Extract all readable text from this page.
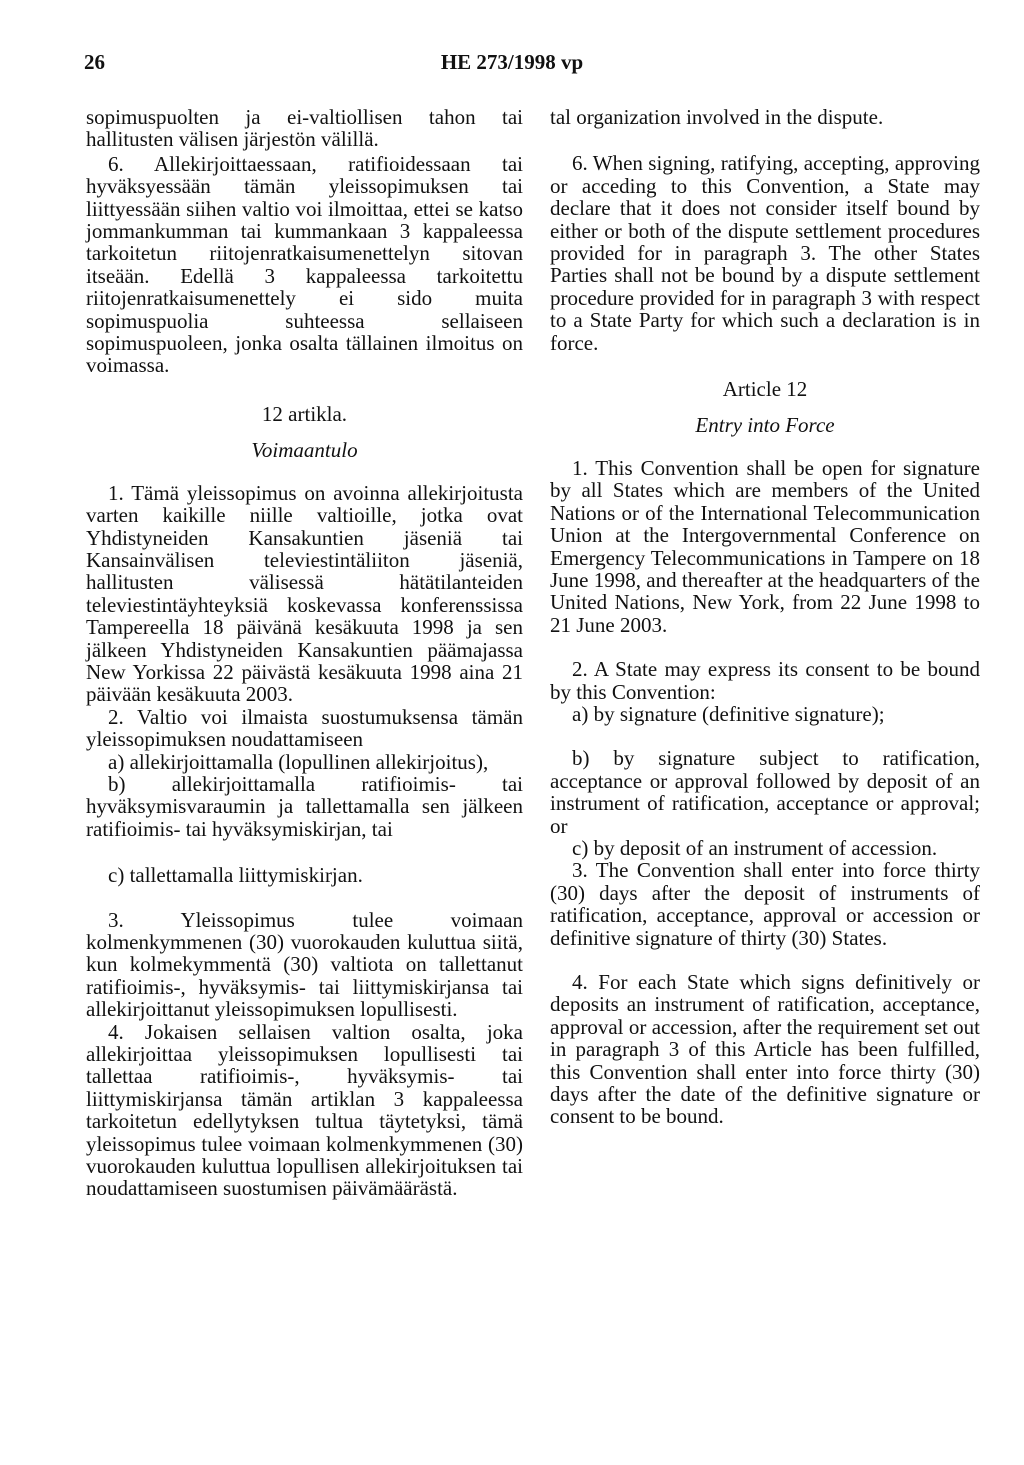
26	HE 273/1998 vp

sopimuspuolten ja ei-valtiollisen tahon tai hallitusten välisen järjestön välillä.

6. Allekirjoittaessaan, ratifioidessaan tai hyväksyessään tämän yleissopimuksen tai liittyessään siihen valtio voi ilmoittaa, ettei se katso jommankumman tai kummankaan 3 kappaleessa tarkoitetun riitojenratkaisumenettelyn sitovan itseään. Edellä 3 kappaleessa tarkoitettu riitojenratkaisumenettely ei sido muita sopimuspuolia suhteessa sellaiseen sopimuspuoleen, jonka osalta tällainen ilmoitus on voimassa.

12 artikla.

Voimaantulo

1. Tämä yleissopimus on avoinna allekirjoitusta varten kaikille niille valtioille, jotka ovat Yhdistyneiden Kansakuntien jäseniä tai Kansainvälisen televiestintäliiton jäseniä, hallitusten välisessä hätätilanteiden televiestintäyhteyksiä koskevassa konferenssissa Tampereella 18 päivänä kesäkuuta 1998 ja sen jälkeen Yhdistyneiden Kansakuntien päämajassa New Yorkissa 22 päivästä kesäkuuta 1998 aina 21 päivään kesäkuuta 2003.

2. Valtio voi ilmaista suostumuksensa tämän yleissopimuksen noudattamiseen

a) allekirjoittamalla (lopullinen allekirjoitus),

b) allekirjoittamalla ratifioimis- tai hyväksymisvaraumin ja tallettamalla sen jälkeen ratifioimis- tai hyväksymiskirjan, tai

c) tallettamalla liittymiskirjan.

3. Yleissopimus tulee voimaan kolmenkymmenen (30) vuorokauden kuluttua siitä, kun kolmekymmentä (30) valtiota on tallettanut ratifioimis-, hyväksymis- tai liittymiskirjansa tai allekirjoittanut yleissopimuksen lopullisesti.

4. Jokaisen sellaisen valtion osalta, joka allekirjoittaa yleissopimuksen lopullisesti tai tallettaa ratifioimis-, hyväksymis- tai liittymiskirjansa tämän artiklan 3 kappaleessa tarkoitetun edellytyksen tultua täytetyksi, tämä yleissopimus tulee voimaan kolmenkymmenen (30) vuorokauden kuluttua lopullisen allekirjoituksen tai noudattamiseen suostumisen päivämäärästä.

tal organization involved in the dispute.

6. When signing, ratifying, accepting, approving or acceding to this Convention, a State may declare that it does not consider itself bound by either or both of the dispute settlement procedures provided for in paragraph 3. The other States Parties shall not be bound by a dispute settlement procedure provided for in paragraph 3 with respect to a State Party for which such a declaration is in force.

Article 12

Entry into Force

1. This Convention shall be open for signature by all States which are members of the United Nations or of the International Telecommunication Union at the Intergovernmental Conference on Emergency Telecommunications in Tampere on 18 June 1998, and thereafter at the headquarters of the United Nations, New York, from 22 June 1998 to 21 June 2003.

2. A State may express its consent to be bound by this Convention:

a) by signature (definitive signature);

b) by signature subject to ratification, acceptance or approval followed by deposit of an instrument of ratification, acceptance or approval; or

c) by deposit of an instrument of accession.

3. The Convention shall enter into force thirty (30) days after the deposit of instruments of ratification, acceptance, approval or accession or definitive signature of thirty (30) States.

4. For each State which signs definitively or deposits an instrument of ratification, acceptance, approval or accession, after the requirement set out in paragraph 3 of this Article has been fulfilled, this Convention shall enter into force thirty (30) days after the date of the definitive signature or consent to be bound.
